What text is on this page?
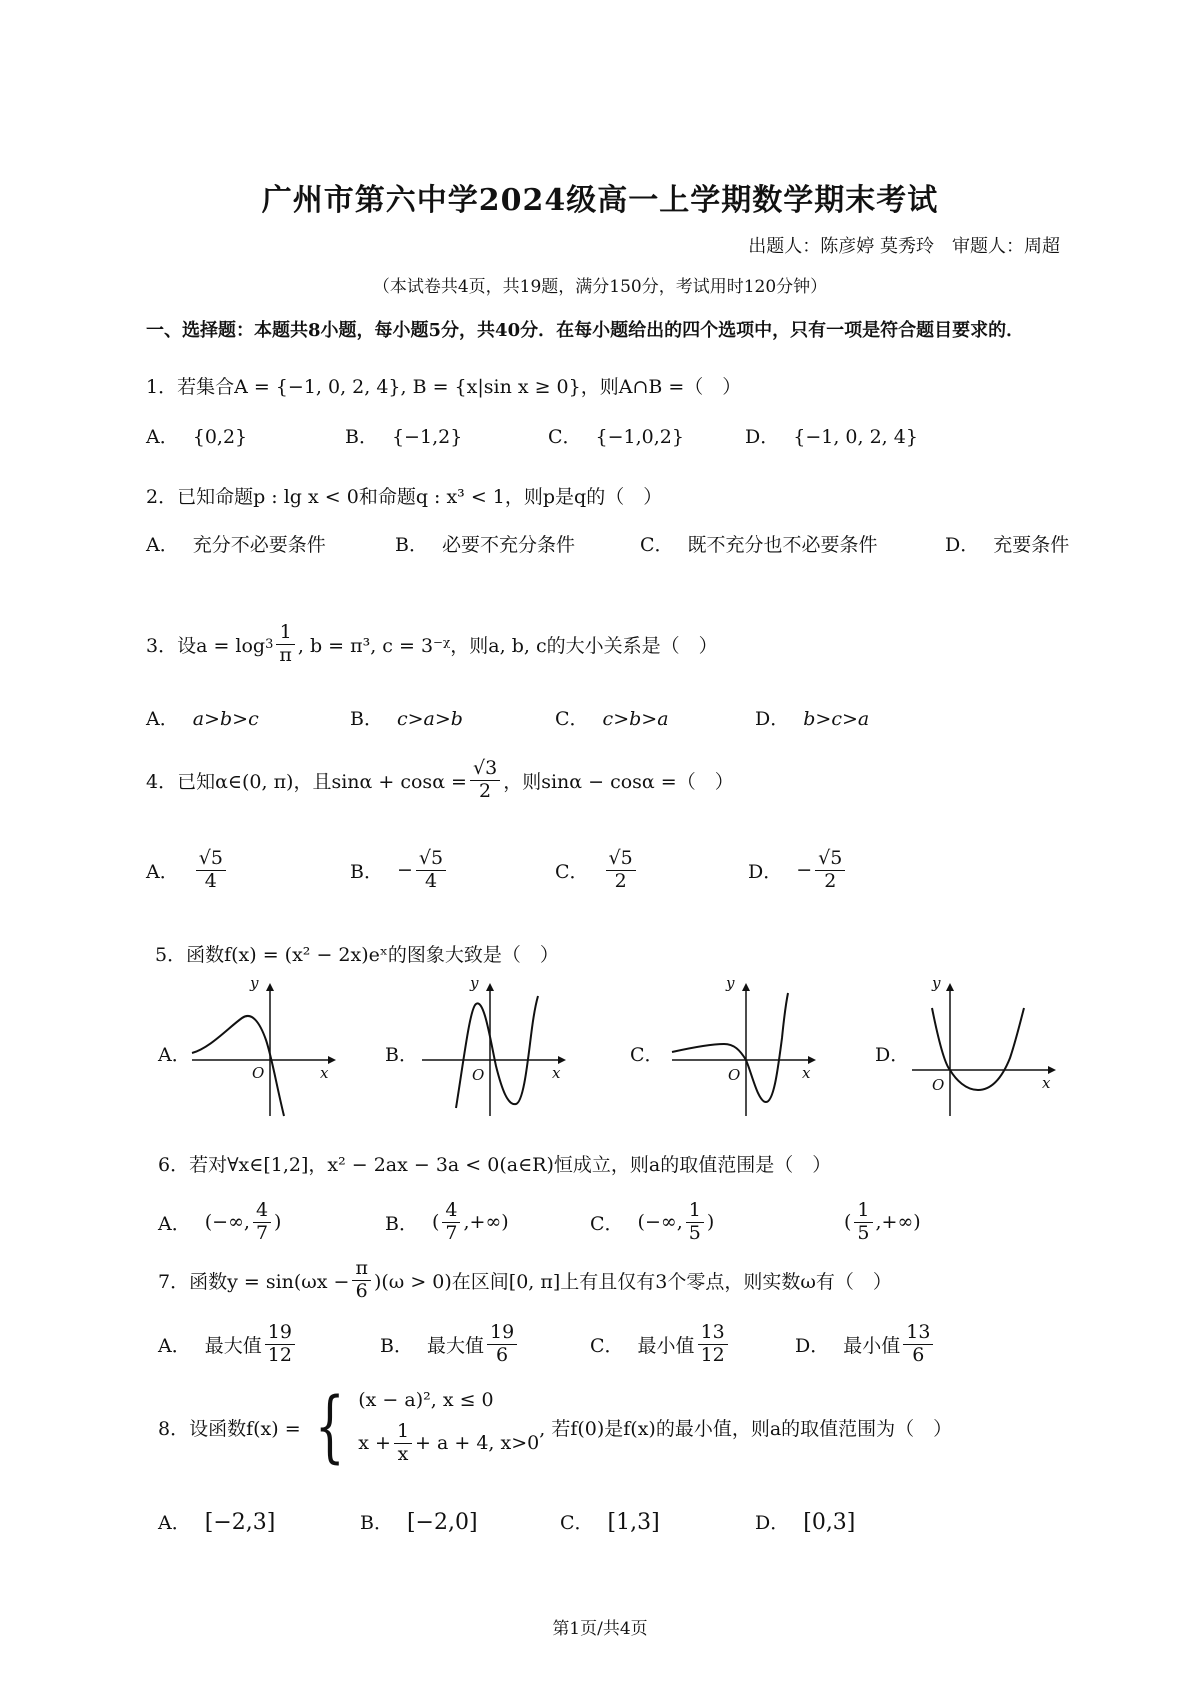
广州市第六中学2024级高一上学期数学期末考试
出题人：陈彦婷 莫秀玲　审题人：周超
（本试卷共4页，共19题，满分150分，考试用时120分钟）
一、选择题：本题共8小题，每小题5分，共40分．在每小题给出的四个选项中，只有一项是符合题目要求的．
1．若集合A = {−1, 0, 2, 4}, B = {x|sin x ≥ 0}，则A∩B =（　）
A． {0,2}	B． {−1,2}	C． {−1,0,2}	D． {−1, 0, 2, 4}
2．已知命题p : lg x < 0和命题q : x³ < 1，则p是q的（　）
A． 充分不必要条件	B． 必要不充分条件	C． 既不充分也不必要条件	D． 充要条件
3．设$a = \log 3 \frac{1}{\pi}$ , b = π³, c = 3⁻ᵡ，则a, b, c的大小关系是（　）
A． a>b>c	B． c>a>b	C． c>b>a	D． b>c>a
4．已知α∈(0, π)，且$\sin\alpha + \cos\alpha = \frac{√3}{2}$ ，则sinα − cosα =（　）
A． $\frac{√5}{4}$	B． − $\frac{√5}{4}$	C． $\frac{√5}{2}$	D． − $\frac{√5}{2}$
5．函数f(x) = (x² − 2x)eˣ的图象大致是（　）
A．	B．	C．	D．
x
y
O	x
y
O	x
y
O	x
y
O
6．若对∀x∈[1,2]，x² − 2ax − 3a < 0(a∈R)恒成立，则a的取值范围是（　）
A． (−∞, $\frac{4}{7}$ )	B． ( $\frac{4}{7}$ ,+∞)	C． (−∞, $\frac{1}{5}$ )	( $\frac{1}{5}$ ,+∞)
7．函数$y = \sin(\omega x - \frac{\pi}{6} )(\omega > 0)$在区间[0, π]上有且仅有3个零点，则实数ω有（　）
A． 最大值 $\frac{19}{12}$	B． 最大值 $\frac{19}{6}$	C． 最小值 $\frac{13}{12}$	D． 最小值 $\frac{13}{6}$
8．设函数f(x) = { (x − a)², x ≤ 0
$x + \frac{1}{x} + a + 4$, x>0
, 若f(0)是f(x)的最小值，则a的取值范围为（　）
A． [−2,3]	B． [−2,0]	C． [1,3]	D． [0,3]
第1页/共4页
